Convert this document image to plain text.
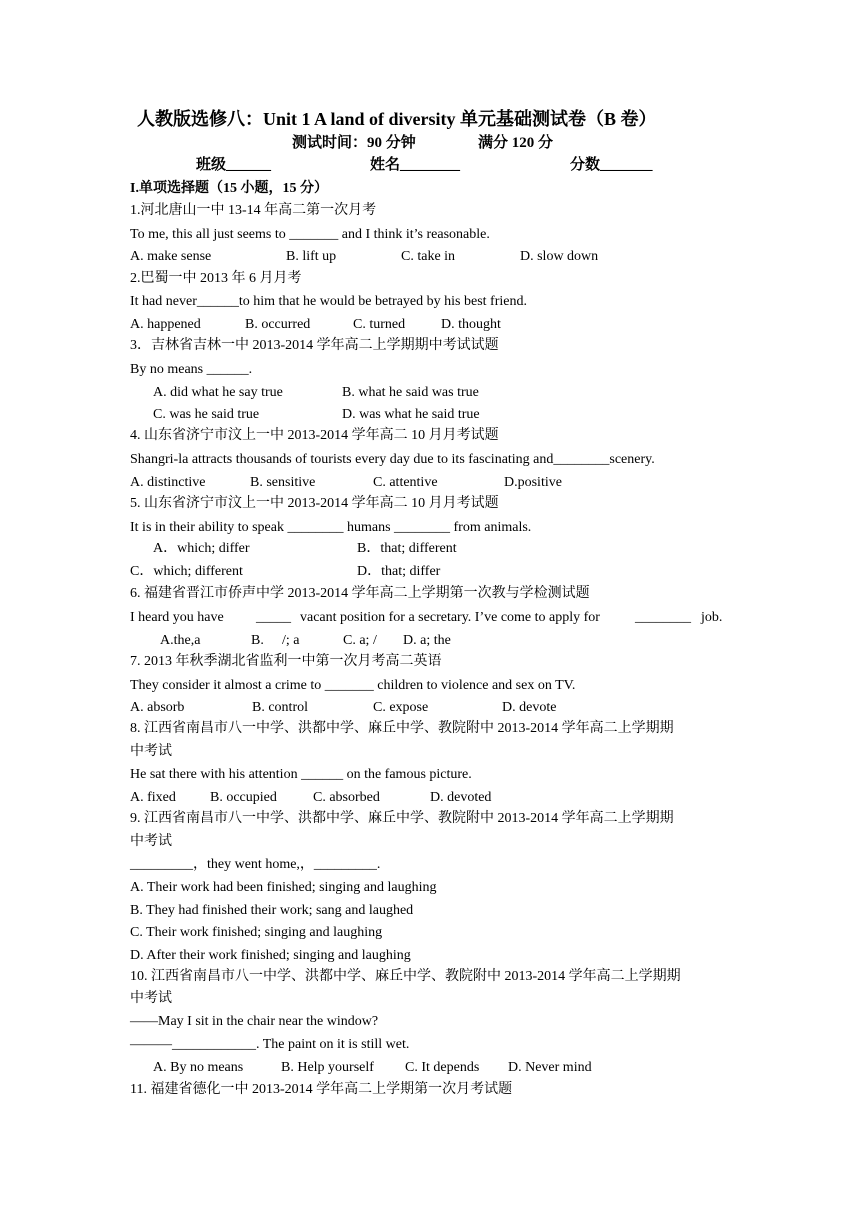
人教版选修八：Unit 1 A land of diversity 单元基础测试卷（B 卷）
测试时间：90 分钟	满分 120 分
班级______	姓名________	分数_______
I.单项选择题（15 小题，15 分）
1.河北唐山一中 13-14 年高二第一次月考
To me, this all just seems to _______ and I think it’s reasonable.
A. make sense	B. lift up	C. take in	D. slow down
2.巴蜀一中 2013 年 6 月月考
It had never______to him that he would be betrayed by his best friend.
A. happened	B. occurred	C. turned	D. thought
3．吉林省吉林一中 2013-2014 学年高二上学期期中考试试题
By no means ______.
A. did what he say true	B. what he said was true
C. was he said true	D. was what he said true
4. 山东省济宁市汶上一中 2013-2014 学年高二 10 月月考试题
Shangri-la attracts thousands of tourists every day due to its fascinating and________scenery.
A. distinctive	B. sensitive	C. attentive	D.positive
5. 山东省济宁市汶上一中 2013-2014 学年高二 10 月月考试题
It is in their ability to speak ________ humans ________ from animals.
A．which; differ	B．that; different
C．which; different	D．that; differ
6. 福建省晋江市侨声中学 2013-2014 学年高二上学期第一次教与学检测试题
I heard you have _____ vacant position for a secretary. I’ve come to apply for	________ job.
A.the,a	B. /; a	C. a; / D. a; the
7. 2013 年秋季湖北省监利一中第一次月考高二英语
They consider it almost a crime to _______ children to violence and sex on TV.
A. absorb	B. control	C. expose	D. devote
8. 江西省南昌市八一中学、洪都中学、麻丘中学、教院附中 2013-2014 学年高二上学期期
中考试
He sat there with his attention ______ on the famous picture.
A. fixed B. occupied	C. absorbed	D. devoted
9. 江西省南昌市八一中学、洪都中学、麻丘中学、教院附中 2013-2014 学年高二上学期期
中考试
_________，they went home,，_________.
A. Their work had been finished; singing and laughing
B. They had finished their work; sang and laughed
C. Their work finished; singing and laughing
D. After their work finished; singing and laughing
10. 江西省南昌市八一中学、洪都中学、麻丘中学、教院附中 2013-2014 学年高二上学期期
中考试
——May I sit in the chair near the window?
———____________. The paint on it is still wet.
A. By no means	B. Help yourself C. It depends D. Never mind
11. 福建省德化一中 2013-2014 学年高二上学期第一次月考试题
